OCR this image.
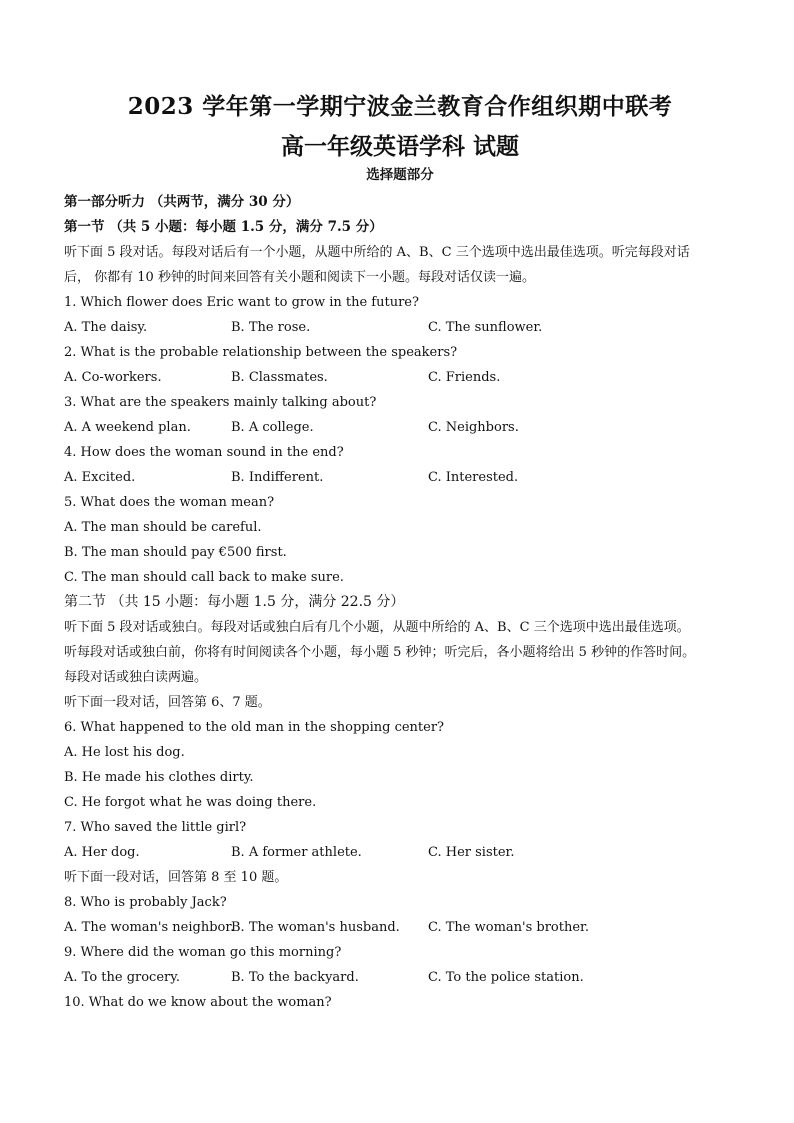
2023 学年第一学期宁波金兰教育合作组织期中联考
高一年级英语学科 试题
选择题部分
第一部分听力 （共两节，满分 30 分）
第一节 （共 5 小题：每小题 1.5 分，满分 7.5 分）
听下面 5 段对话。每段对话后有一个小题，从题中所给的 A、B、C 三个选项中选出最佳选项。听完每段对话
后， 你都有 10 秒钟的时间来回答有关小题和阅读下一小题。每段对话仅读一遍。
1. Which flower does Eric want to grow in the future?
A. The daisy.	B. The rose.	C. The sunflower.
2. What is the probable relationship between the speakers?
A. Co-workers.	B. Classmates.	C. Friends.
3. What are the speakers mainly talking about?
A. A weekend plan.	B. A college.	C. Neighbors.
4. How does the woman sound in the end?
A. Excited.	B. Indifferent.	C. Interested.
5. What does the woman mean?
A. The man should be careful.
B. The man should pay €500 first.
C. The man should call back to make sure.
第二节 （共 15 小题：每小题 1.5 分，满分 22.5 分）
听下面 5 段对话或独白。每段对话或独白后有几个小题，从题中所给的 A、B、C 三个选项中选出最佳选项。
听每段对话或独白前，你将有时间阅读各个小题，每小题 5 秒钟；听完后，各小题将给出 5 秒钟的作答时间。
每段对话或独白读两遍。
听下面一段对话，回答第 6、7 题。
6. What happened to the old man in the shopping center?
A. He lost his dog.
B. He made his clothes dirty.
C. He forgot what he was doing there.
7. Who saved the little girl?
A. Her dog.	B. A former athlete.	C. Her sister.
听下面一段对话，回答第 8 至 10 题。
8. Who is probably Jack?
A. The woman's neighbor.
B. The woman's husband. C. The woman's brother.
9. Where did the woman go this morning?
A. To the grocery.	B. To the backyard.	C. To the police station.
10. What do we know about the woman?
